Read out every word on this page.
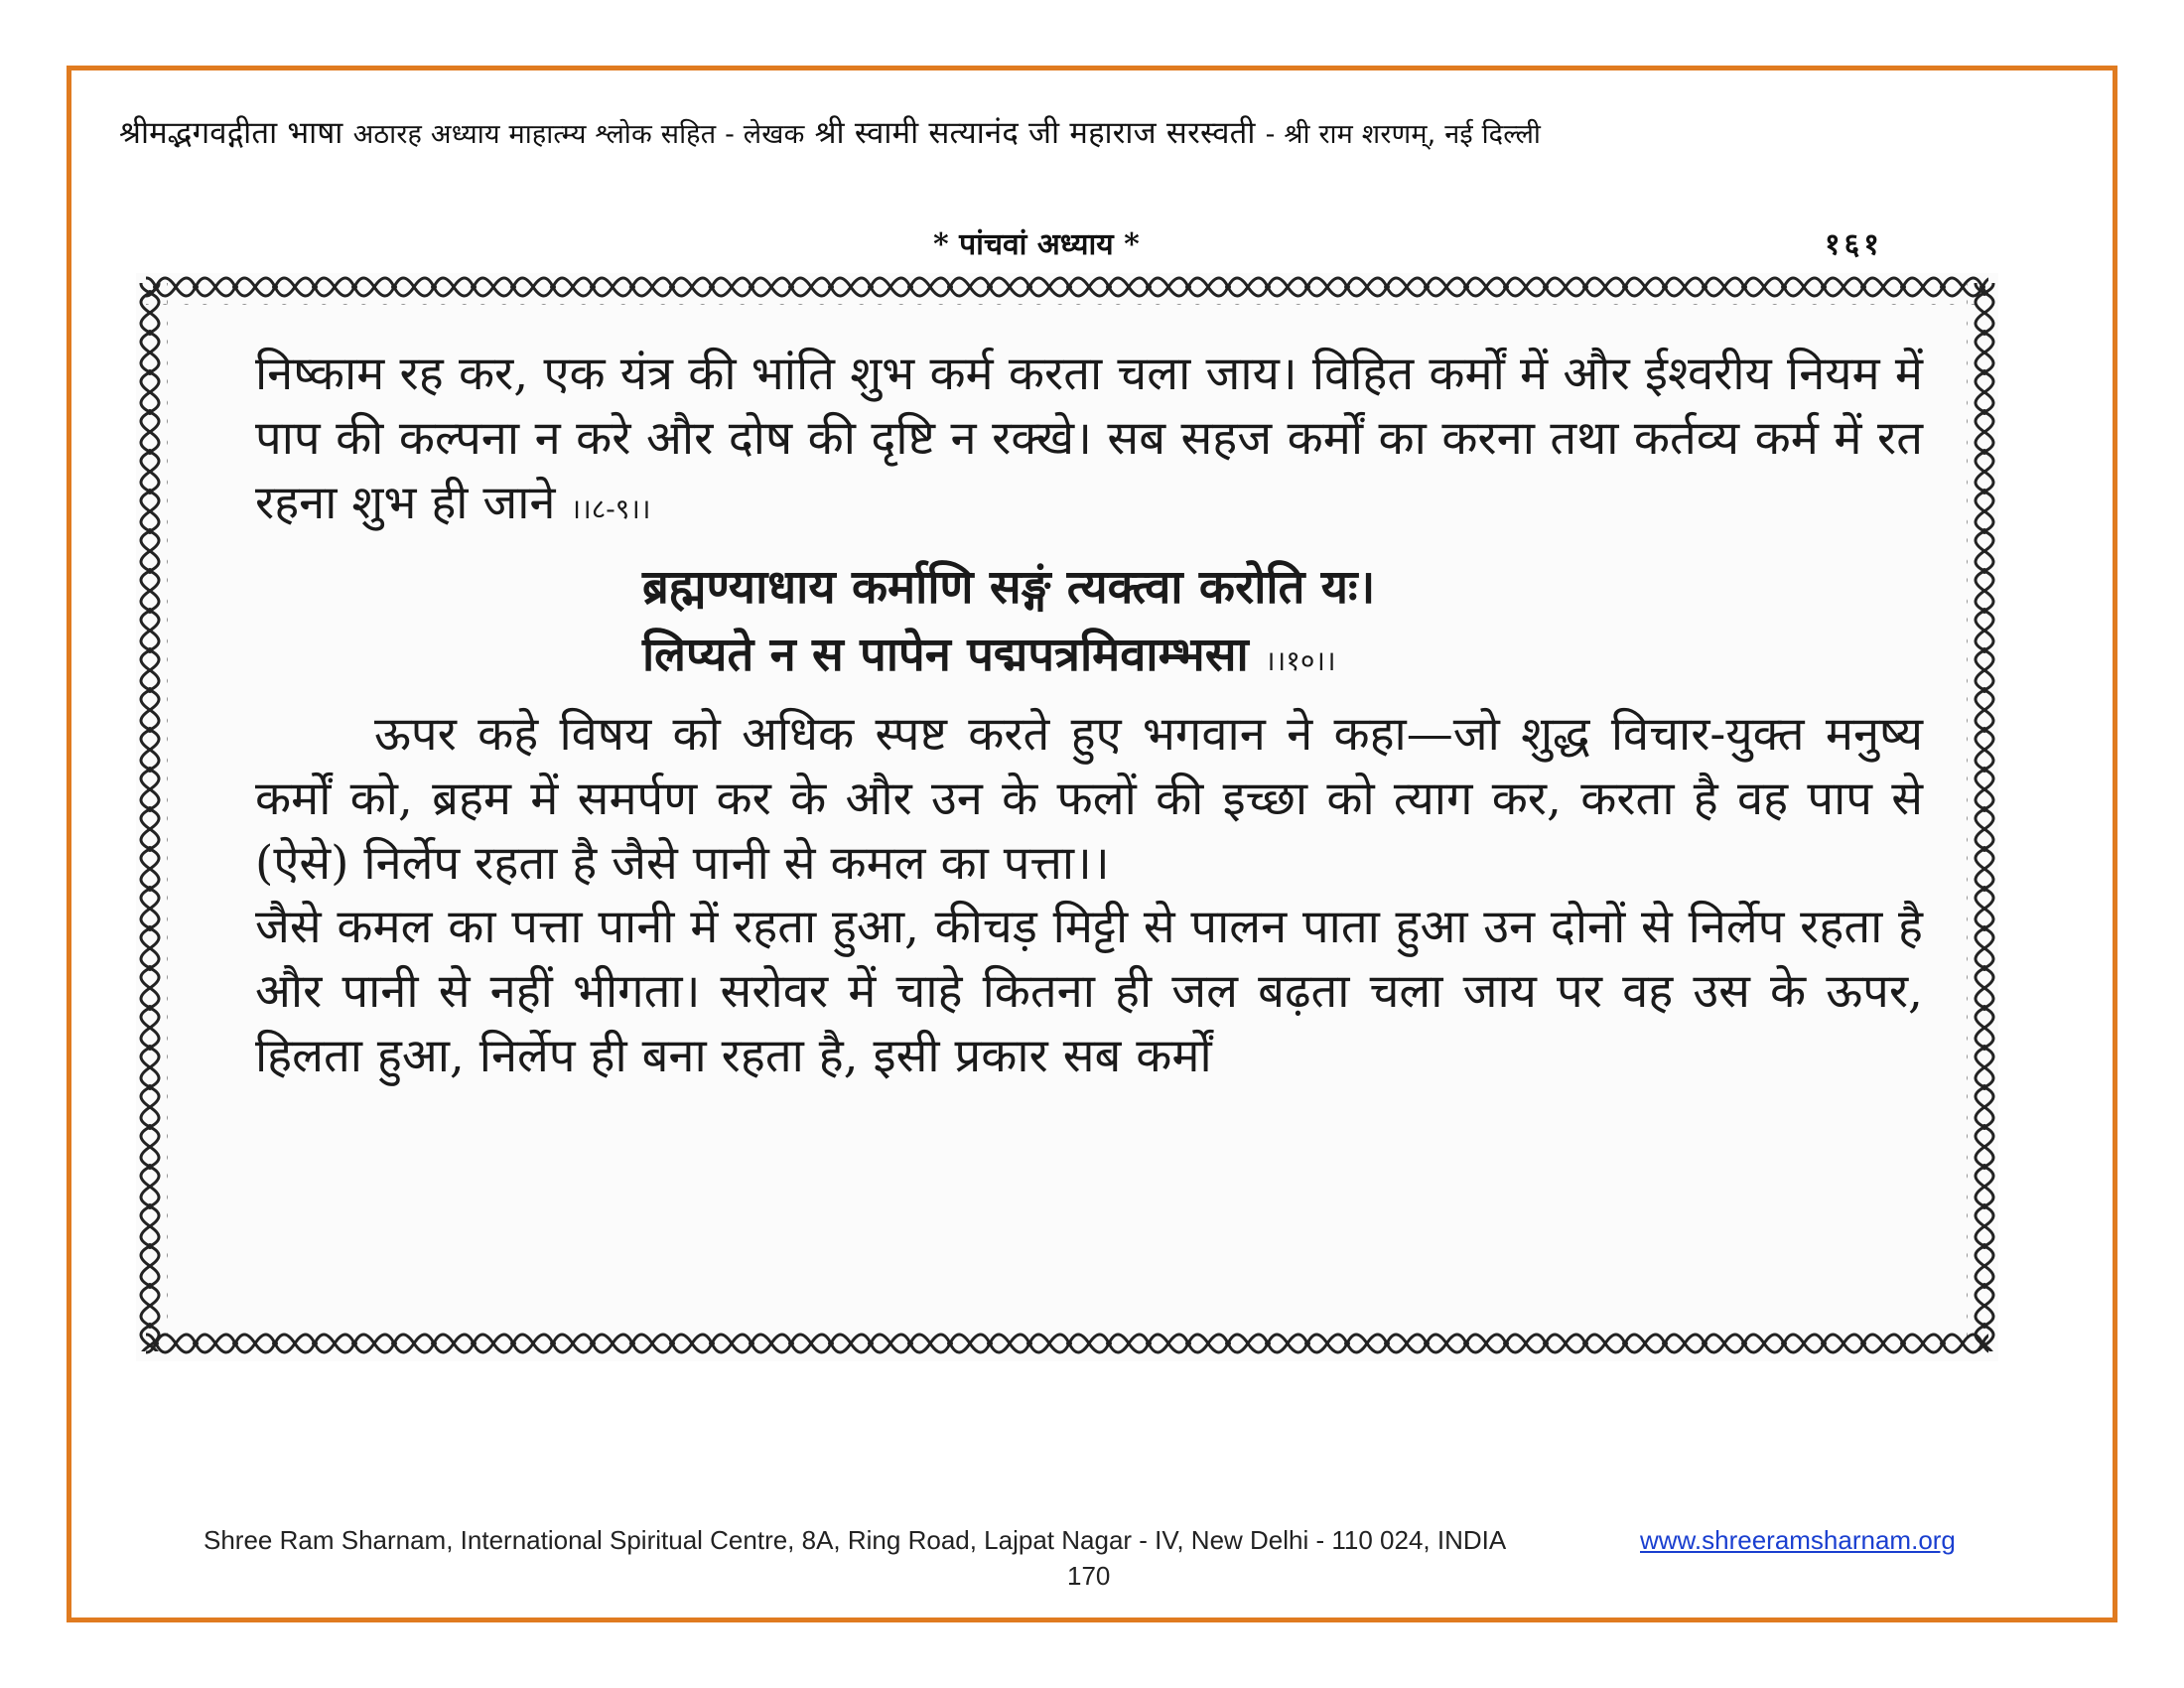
श्रीमद्भगवद्गीता भाषा अठारह अध्याय माहात्म्य श्लोक सहित - लेखक श्री स्वामी सत्यानंद जी महाराज सरस्वती - श्री राम शरणम्, नई दिल्ली
* पांचवां अध्याय *	१६१

निष्काम रह कर, एक यंत्र की भांति शुभ कर्म करता चला जाय। विहित कर्मों में और ईश्वरीय नियम में पाप की कल्पना न करे और दोष की दृष्टि न रक्खे। सब सहज कर्मों का करना तथा कर्तव्य कर्म में रत रहना शुभ ही जाने ।।८-९।।

ब्रह्मण्याधाय कर्माणि सङ्गं त्यक्त्वा करोति यः।
लिप्यते न स पापेन पद्मपत्रमिवाम्भसा ।।१०।।

ऊपर कहे विषय को अधिक स्पष्ट करते हुए भगवान ने कहा—जो शुद्ध विचार-युक्त मनुष्य कर्मों को, ब्रहम में समर्पण कर के और उन के फलों की इच्छा को त्याग कर, करता है वह पाप से (ऐसे) निर्लेप रहता है जैसे पानी से कमल का पत्ता।।

जैसे कमल का पत्ता पानी में रहता हुआ, कीचड़ मिट्टी से पालन पाता हुआ उन दोनों से निर्लेप रहता है और पानी से नहीं भीगता। सरोवर में चाहे कितना ही जल बढ़ता चला जाय पर वह उस के ऊपर, हिलता हुआ, निर्लेप ही बना रहता है, इसी प्रकार सब कर्मों

Shree Ram Sharnam, International Spiritual Centre, 8A, Ring Road, Lajpat Nagar - IV, New Delhi - 110 024, INDIA	www.shreeramsharnam.org
170
